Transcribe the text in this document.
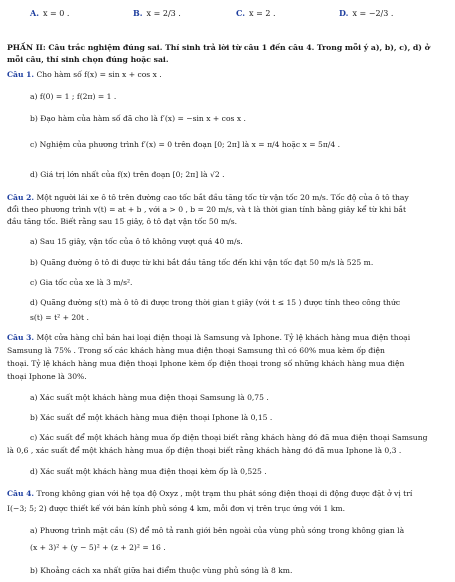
A. x = 0 .	B. x = 2/3 .	C. x = 2 .	D. x = −2/3 .
PHẦN II: Câu trắc nghiệm đúng sai. Thí sinh trả lời từ câu 1 đến câu 4. Trong mỗi ý a), b), c), d) ở
mỗi câu, thí sinh chọn đúng hoặc sai.
Câu 1. Cho hàm số f(x) = sin x + cos x .
a) f(0) = 1 ; f(2π) = 1 .
b) Đạo hàm của hàm số đã cho là f′(x) = −sin x + cos x .
c) Nghiệm của phương trình f′(x) = 0 trên đoạn [0; 2π] là x = π/4 hoặc x = 5π/4 .
d) Giá trị lớn nhất của f(x) trên đoạn [0; 2π] là √2 .
Câu 2. Một người lái xe ô tô trên đường cao tốc bắt đầu tăng tốc từ vận tốc 20 m/s. Tốc độ của ô tô thay
đổi theo phương trình v(t) = at + b , với a > 0 , b = 20 m/s, và t là thời gian tính bằng giây kể từ khi bắt
đầu tăng tốc. Biết rằng sau 15 giây, ô tô đạt vận tốc 50 m/s.
a) Sau 15 giây, vận tốc của ô tô không vượt quá 40 m/s.
b) Quãng đường ô tô đi được từ khi bắt đầu tăng tốc đến khi vận tốc đạt 50 m/s là 525 m.
c) Gia tốc của xe là 3 m/s².
d) Quãng đường s(t) mà ô tô đi được trong thời gian t giây (với t ≤ 15 ) được tính theo công thức
s(t) = t² + 20t .
Câu 3. Một cửa hàng chỉ bán hai loại điện thoại là Samsung và Iphone. Tỷ lệ khách hàng mua điện thoại
Samsung là 75% . Trong số các khách hàng mua điện thoại Samsung thì có 60% mua kèm ốp điện
thoại. Tỷ lệ khách hàng mua điện thoại Iphone kèm ốp điện thoại trong số những khách hàng mua điện
thoại Iphone là 30%.
a) Xác suất một khách hàng mua điện thoại Samsung là 0,75 .
b) Xác suất để một khách hàng mua điện thoại Iphone là 0,15 .
c) Xác suất để một khách hàng mua ốp điện thoại biết rằng khách hàng đó đã mua điện thoại Samsung
là 0,6 , xác suất để một khách hàng mua ốp điện thoại biết rằng khách hàng đó đã mua Iphone là 0,3 .
d) Xác suất một khách hàng mua điện thoại kèm ốp là 0,525 .
Câu 4. Trong không gian với hệ tọa độ Oxyz , một trạm thu phát sóng điện thoại di động được đặt ở vị trí
I(−3; 5; 2) được thiết kế với bán kính phủ sóng 4 km, mỗi đơn vị trên trục ứng với 1 km.
a) Phương trình mặt cầu (S) để mô tả ranh giới bên ngoài của vùng phủ sóng trong không gian là
(x + 3)² + (y − 5)² + (z + 2)² = 16 .
b) Khoảng cách xa nhất giữa hai điểm thuộc vùng phủ sóng là 8 km.
